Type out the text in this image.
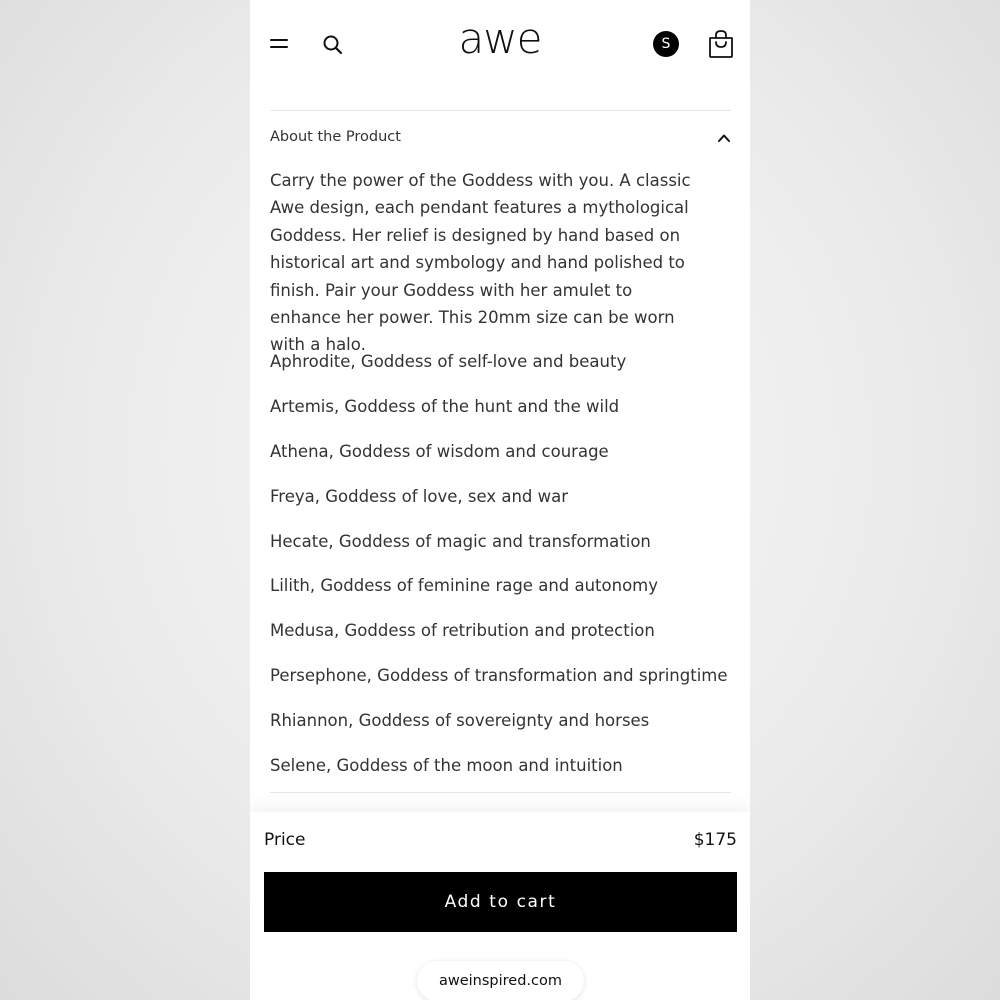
awe	S
About the Product

Carry the power of the Goddess with you. A classic Awe design, each pendant features a mythological Goddess. Her relief is designed by hand based on historical art and symbology and hand polished to finish. Pair your Goddess with her amulet to enhance her power. This 20mm size can be worn with a halo.

Aphrodite, Goddess of self-love and beauty
Artemis, Goddess of the hunt and the wild
Athena, Goddess of wisdom and courage
Freya, Goddess of love, sex and war
Hecate, Goddess of magic and transformation
Lilith, Goddess of feminine rage and autonomy
Medusa, Goddess of retribution and protection
Persephone, Goddess of transformation and springtime
Rhiannon, Goddess of sovereignty and horses
Selene, Goddess of the moon and intuition
Price	$175
Add to cart
aweinspired.com
